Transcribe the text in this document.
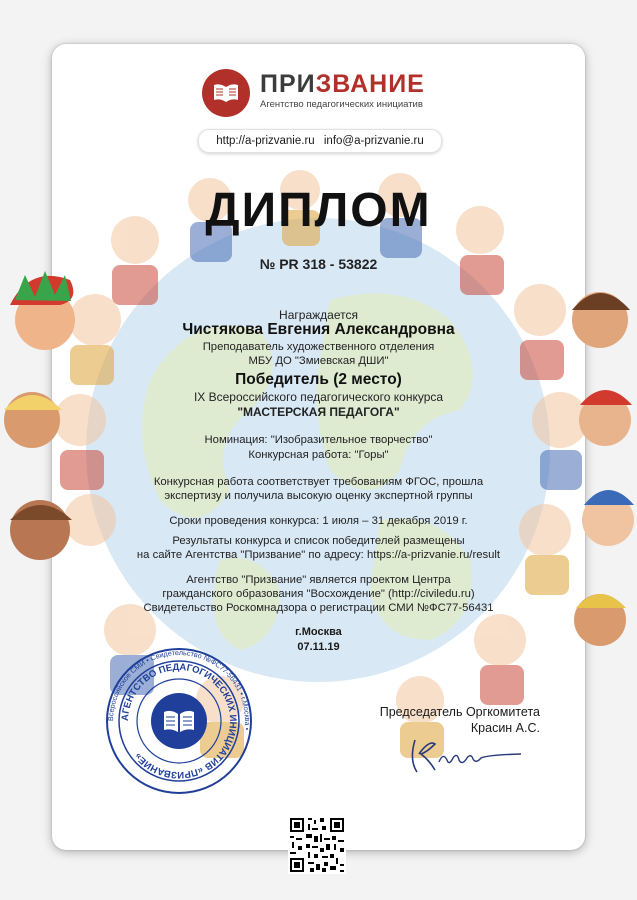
ПРИЗВАНИЕ
Агентство педагогических инициатив
http://a-prizvanie.ru info@a-prizvanie.ru
ДИПЛОМ
№ PR 318 - 53822
Награждается
Чистякова Евгения Александровна
Преподаватель художественного отделения
МБУ ДО "Змиевская ДШИ"
Победитель (2 место)
IX Всероссийского педагогического конкурса
"МАСТЕРСКАЯ ПЕДАГОГА"
Номинация: "Изобразительное творчество"
Конкурсная работа: "Горы"
Конкурсная работа соответствует требованиям ФГОС, прошла
экспертизу и получила высокую оценку экспертной группы
Сроки проведения конкурса: 1 июля – 31 декабря 2019 г.
Результаты конкурса и список победителей размещены
на сайте Агентства "Призвание" по адресу: https://a-prizvanie.ru/result
Агентство "Призвание" является проектом Центра
гражданского образования "Восхождение" (http://civiledu.ru)
Свидетельство Роскомнадзора о регистрации СМИ №ФС77-56431
г.Москва
07.11.19
Всероссийское СМИ • Свидетельство №ФС77-56431 • г.Москва •
АГЕНТСТВО ПЕДАГОГИЧЕСКИХ ИНИЦИАТИВ «ПРИЗВАНИЕ»
Председатель Оргкомитета
Красин А.С.
